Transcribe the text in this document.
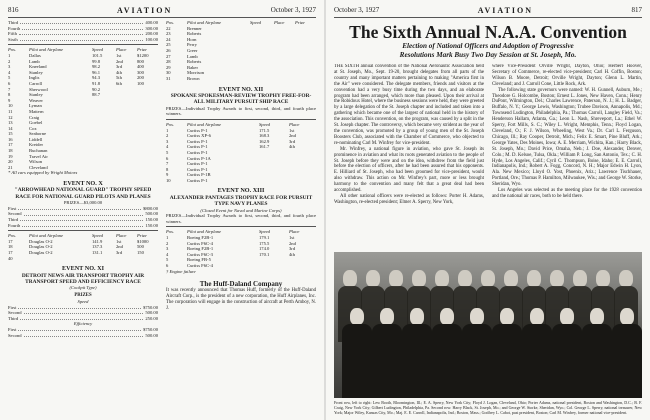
816	AVIATION	October 3, 1927
Third	400.00
Fourth	300.00
Fifth	200.00
Sixth	100.00
Pos.	Pilot and Airplane	Speed	Place	Prize
1	Dallas	101.5	1st	$1200
2	Lamb	99.8	2nd	800
3	Kneeland	98.2	3rd	400
4	Stanley	96.1	4th	300
5	Inglis	94.3	5th	200
6	Carroll	91.8	6th	100
7	Sherwood	90.2
8	Stanley	88.7
9	Weaver
10	Lyman
11	Mattern
12	Craig
13	Goebel
14	Cox
15	Seaborne
16	Liddell
17	Kreider
18	Buchanan
19	Travel Air
20	Wilson
21	Cleveland
* All cars equipped by Wright Motors
EVENT NO. X
"ARROWHEAD NATIONAL GUARD" TROPHY SPEED RACE FOR NATIONAL GUARD PILOTS AND PLANES
PRIZES—$3,000.00
First	$800.00
Second	500.00
Third	150.00
Fourth	150.00
Pos.	Pilot and Airplane	Speed	Place	Prize
17	Douglas O-2	141.9	1st	$1000
18	Douglas O-2	137.3	2nd	500
17	Douglas O-2	131.1	3rd	150
40
EVENT NO. XI
DETROIT NEWS AIR TRANSPORT TROPHY AIR TRANSPORT SPEED AND EFFICIENCY RACE
(Cockpit Type)
PRIZES
Speed
First	$750.00
Second	500.00
Third	250.00
Efficiency
First	$750.00
Second	500.00
Pos.	Pilot and Airplane	Speed	Place	Prize
22	Brenner
23	Roberts
24	Horn
25	Perry
26	Greer
27	Lamb
28	Roberts
29	Baker
30	Morrison
31	Brown
EVENT NO. XII
SPOKANE SPOKESMAN-REVIEW TROPHY FREE-FOR-ALL MILITARY PURSUIT SHIP RACE
PRIZES—Individual Trophy Awards to first, second, third, and fourth place winners.
Pos.	Pilot and Airplane	Speed	Place
1	Curtiss P-1	171.5	1st
2	Curtiss XP-6	168.3	2nd
3	Curtiss P-1	162.9	3rd
4	Curtiss P-1	161.7	4th
5	Curtiss P-1
6	Curtiss P-1A
7	Curtiss P-1
8	Curtiss P-1
9	Curtiss P-1B
10	Curtiss P-1
EVENT NO. XIII
ALEXANDER PANTAGES TROPHY RACE FOR PURSUIT TYPE NAVY PLANES
(Closed Event for Naval and Marine Corps)
PRIZES—Individual Trophy Awards to first, second, third, and fourth place winners.
Pos.	Pilot and Airplane	Speed	Place
1	Boeing F2B-1	179.1	1st
2	Curtiss F6C-4	175.5	2nd
3	Boeing F2B-1	174.0	3rd
4	Curtiss F6C-3	170.1	4th
5	Boeing FB-5
6	Curtiss F6C-4
† Engine failure
The Huff-Daland Company
It was recently announced that Thomas Huff, formerly of the Huff-Daland Aircraft Corp., is the president of a new corporation, the Huff Airplanes, Inc. The corporation will engage in the construction of aircraft at Perth Amboy, N. J.
October 3, 1927	AVIATION	817
The Sixth Annual N.A.A. Convention
Election of National Officers and Adoption of Progressive
Resolutions Mark Busy Two Day Session at St. Joseph, Mo.
THE SIXTH annual convention of the National Aeronautic Association held at St. Joseph, Mo., Sept. 19-20, brought delegates from all parts of the country and many important matters pertaining to making "America first in the Air" were considered. The delegate members, friends and visitors at the convention had a very busy time during the two days, and an elaborate program had been arranged, which more than pleased. Upon their arrival at the Robidoux Hotel, where the business sessions were held, they were greeted by a large delegation of the St. Joseph chapter and included and taken into a gathering which became one of the largest of national held in the history of the association. This convention, on the program, was caused by a split in the St. Joseph chapter. The controversy, which became very strident as the year of the convention, was promoted by a group of young men of the St. Joseph Boosters Club, associated with the Chamber of Commerce, who objected to re-nominating Carl M. Winfrey for vice-president.
Mr. Winfrey, a national figure in aviation, who gave St. Joseph its prominence in aviation and what its roots generated aviation to the people of St. Joseph before they were and on the idea, withdrew from the field just before the election of officers, after he had been assured that his opponents. E. Hilliard of St. Joseph, who had been groomed for vice-president, would also withdraw. This action on Mr. Winfrey's part, more or less brought harmony to the convention and many felt that a great deal had been accomplished.
All other national officers were re-elected as follows: Porter H. Adams, Washington, re-elected president; Elmer A. Sperry, New York,
where Vice-President Orville Wright, Dayton, Ohio; Herbert Hoover, Secretary of Commerce, re-elected vice-president; Carl H. Coffin, Boston; Wilson B. Moore, Detroit; Orville Wright, Dayton; Glenn L. Martin, Cleveland; and J. Carroll Cone, Little Rock, Ark.
The following state governors were named: W. H. Gunnell, Auburn, Me.; Theodore G. Holcombe, Boston; Ernest L. Jones, New Haven, Conn.; Henry DuPont, Wilmington, Del.; Charles Lawrence, Paterson, N. J.; H. L. Badger, Buffalo, N. Y.; George Lewis, Washington; Trubee Davison, Annapolis, Md.; Townsend Ludington, Philadelphia, Pa.; Thomas Carroll, Langley Field, Va.; Henderson Hallam, Atlanta, Ga.; Leon L. Nash, Shreveport, La.; Ethel W. Sperry, Fort Mills, S. C.; Wiley L. Wright, Memphis, Tenn.; Floyd Logan, Cleveland, O.; F. J. Wilson, Wheeling, West Va.; Dr. Carl L. Ferguson, Chicago, Ill.; Ray Cooper, Detroit, Mich.; Felix E. Smart, Pine Bluff, Ark.; George Yates, Des Moines, Iowa; A. E. Merriam, Wichita, Kan.; Harry Black, St. Joseph, Mo.; David Price, Omaha, Neb.; J. Doe, Alexander, Denver, Colo.; M. D. Kelsoe, Tulsa, Okla.; William P. Long, San Antonio, Tex.; C. H. Hyde, Los Angeles, Calif.; Cyril C. Thompson, Boise, Idaho; E. E. Carroll, Indianapolis, Ind.; Robert A. Fogg, Concord, N. H.; Major Edwin H. Lyon, Ala. New Mexico; Lloyd O. Yost, Phoenix, Ariz.; Lawrence Tischhauer, Portland, Ore.; Thomas P. Hamilton, Milwaukee, Wis.; and George W. Storke, Sheridan, Wyo.
Los Angeles was selected as the meeting place for the 1928 convention and the national air races, both to be held there.
Front row, left to right: Lew Booth, Bloomington, Ill.; E. A. Sperry, New York City; Floyd J. Logan, Cleveland, Ohio; Porter Adams, national president, Boston and Washington, D.C.; B. F. Craig, New York City; Gilbert Ludington, Philadelphia, Pa. Second row: Harry Black, St. Joseph, Mo.; and George W. Storke, Sheridan, Wyo.; Col. George L. Sperry, national treasurer, New York; Major Wiley, Kansas City, Mo.; Maj. E. E. Carroll, Indianapolis, Ind.; Boston, Mass.; Godfrey L. Cabot, past president, Boston; Carl M. Winfrey, former national vice-president.
